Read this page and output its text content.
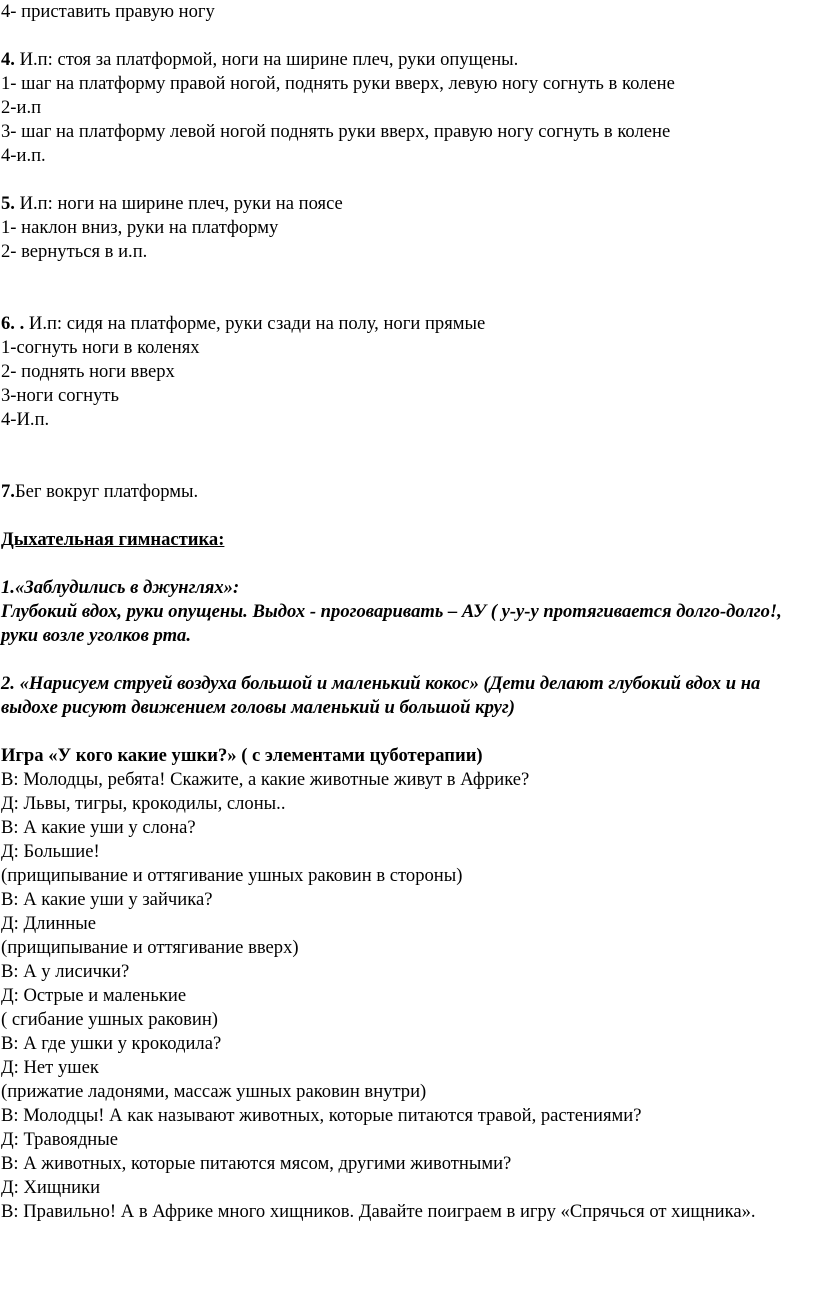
4- приставить правую ногу
4. И.п: стоя за платформой, ноги на ширине плеч, руки опущены.
1- шаг на платформу правой ногой, поднять руки вверх, левую ногу согнуть в колене
2-и.п
3- шаг на платформу левой ногой поднять руки вверх, правую ногу согнуть в колене
4-и.п.
5. И.п: ноги на ширине плеч, руки на поясе
1- наклон вниз, руки на платформу
2- вернуться в и.п.
6. . И.п: сидя на платформе, руки сзади на полу, ноги прямые
1-согнуть ноги в коленях
2- поднять ноги вверх
3-ноги согнуть
4-И.п.
7.Бег вокруг платформы.
Дыхательная гимнастика:
1.«Заблудились в джунглях»:
Глубокий вдох, руки опущены. Выдох - проговаривать – АУ ( у-у-у протягивается долго-долго!, руки возле уголков рта.
2. «Нарисуем струей воздуха большой и маленький кокос» (Дети делают глубокий вдох и на выдохе рисуют движением головы маленький и большой круг)
Игра «У кого какие ушки?» ( с элементами цуботерапии)
В: Молодцы, ребята! Скажите, а какие животные живут в Африке?
Д: Львы, тигры, крокодилы, слоны..
В: А какие уши у слона?
Д: Большие!
(прищипывание и оттягивание ушных раковин в стороны)
В: А какие уши у зайчика?
Д: Длинные
(прищипывание и оттягивание вверх)
В: А у лисички?
Д: Острые и маленькие
( сгибание ушных раковин)
В: А где ушки у крокодила?
Д: Нет ушек
(прижатие ладонями, массаж ушных раковин внутри)
В: Молодцы! А как называют животных, которые питаются травой, растениями?
Д: Травоядные
В: А животных, которые питаются мясом, другими животными?
Д: Хищники
В: Правильно! А в Африке много хищников. Давайте поиграем в игру «Спрячься от хищника».
